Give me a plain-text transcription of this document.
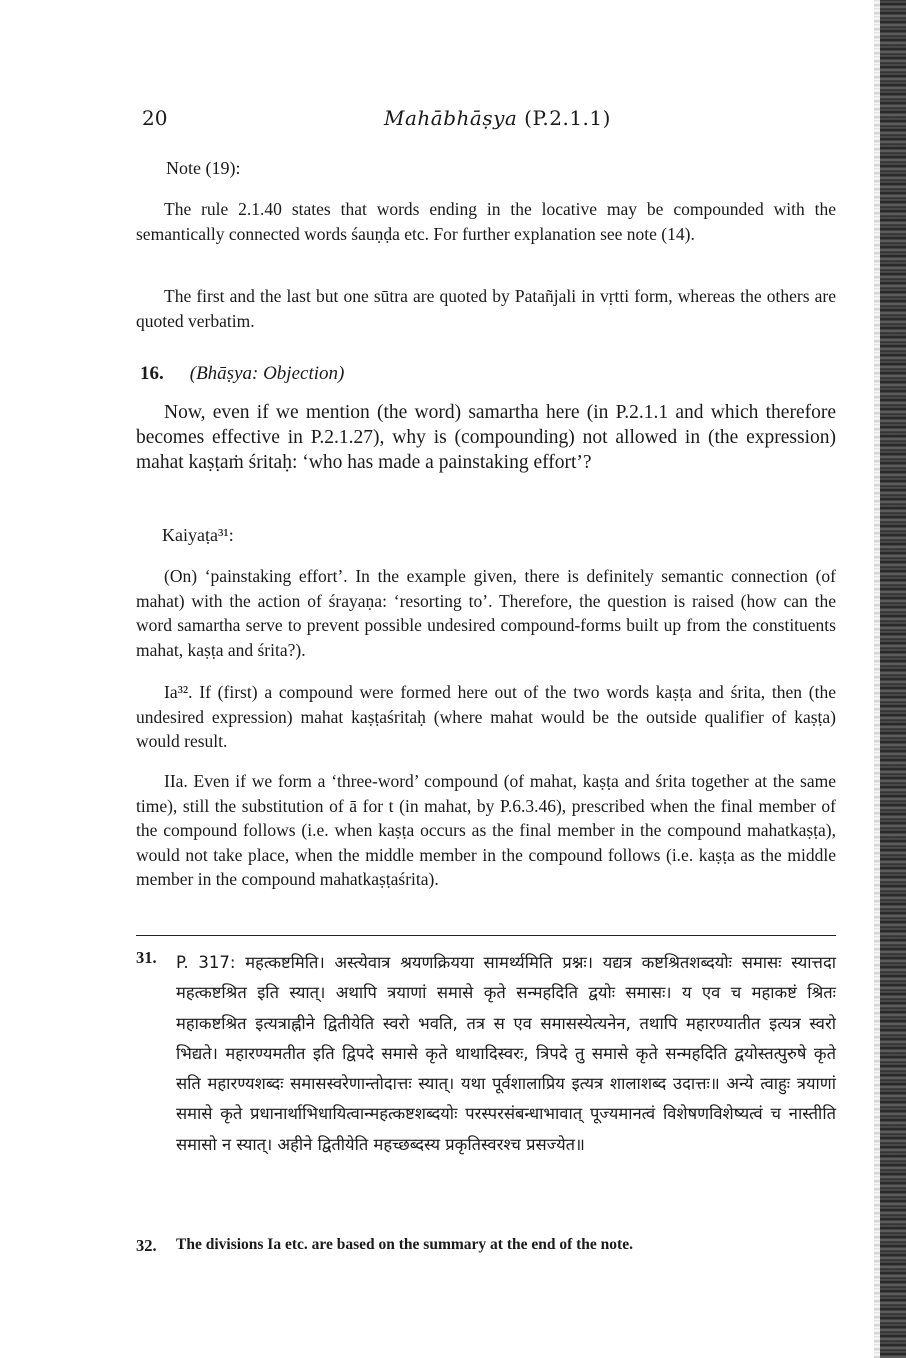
20	Mahābhāṣya (P.2.1.1)
Note (19):

The rule 2.1.40 states that words ending in the locative may be compounded with the semantically connected words śauṇḍa etc. For further explanation see note (14).

The first and the last but one sūtra are quoted by Patañjali in vṛtti form, whereas the others are quoted verbatim.

16. (Bhāṣya: Objection)

Now, even if we mention (the word) samartha here (in P.2.1.1 and which therefore becomes effective in P.2.1.27), why is (compounding) not allowed in (the expression) mahat kaṣṭaṁ śritaḥ: ‘who has made a painstaking effort’?

Kaiyaṭa³¹:

(On) ‘painstaking effort’. In the example given, there is definitely semantic connection (of mahat) with the action of śrayaṇa: ‘resorting to’. Therefore, the question is raised (how can the word samartha serve to prevent possible undesired compound-forms built up from the constituents mahat, kaṣṭa and śrita?).

Ia³². If (first) a compound were formed here out of the two words kaṣṭa and śrita, then (the undesired expression) mahat kaṣṭaśritaḥ (where mahat would be the outside qualifier of kaṣṭa) would result.

IIa. Even if we form a ‘three-word’ compound (of mahat, kaṣṭa and śrita together at the same time), still the substitution of ā for t (in mahat, by P.6.3.46), prescribed when the final member of the compound follows (i.e. when kaṣṭa occurs as the final member in the compound mahatkaṣṭa), would not take place, when the middle member in the compound follows (i.e. kaṣṭa as the middle member in the compound mahatkaṣṭaśrita).

31. P. 317: महत्कष्टमिति। अस्त्येवात्र श्रयणक्रियया सामर्थ्यमिति प्रश्नः। यद्यत्र कष्टश्रितशब्दयोः समासः स्यात्तदा महत्कष्टश्रित इति स्यात्। अथापि त्रयाणां समासे कृते सन्महदिति द्वयोः समासः। य एव च महाकष्टं श्रितः महाकष्टश्रित इत्यत्राह्नीने द्वितीयेति स्वरो भवति, तत्र स एव समासस्येत्यनेन, तथापि महारण्यातीत इत्यत्र स्वरो भिद्यते। महारण्यमतीत इति द्विपदे समासे कृते थाथादिस्वरः, त्रिपदे तु समासे कृते सन्महदिति द्वयोस्तत्पुरुषे कृते सति महारण्यशब्दः समासस्वरेणान्तोदात्तः स्यात्। यथा पूर्वशालाप्रिय इत्यत्र शालाशब्द उदात्तः॥ अन्ये त्वाहुः त्रयाणां समासे कृते प्रधानार्थाभिधायित्वान्महत्कष्टशब्दयोः परस्परसंबन्धाभावात् पूज्यमानत्वं विशेषणविशेष्यत्वं च नास्तीति समासो न स्यात्। अहीने द्वितीयेति महच्छब्दस्य प्रकृतिस्वरश्च प्रसज्येत॥

32. The divisions Ia etc. are based on the summary at the end of the note.
